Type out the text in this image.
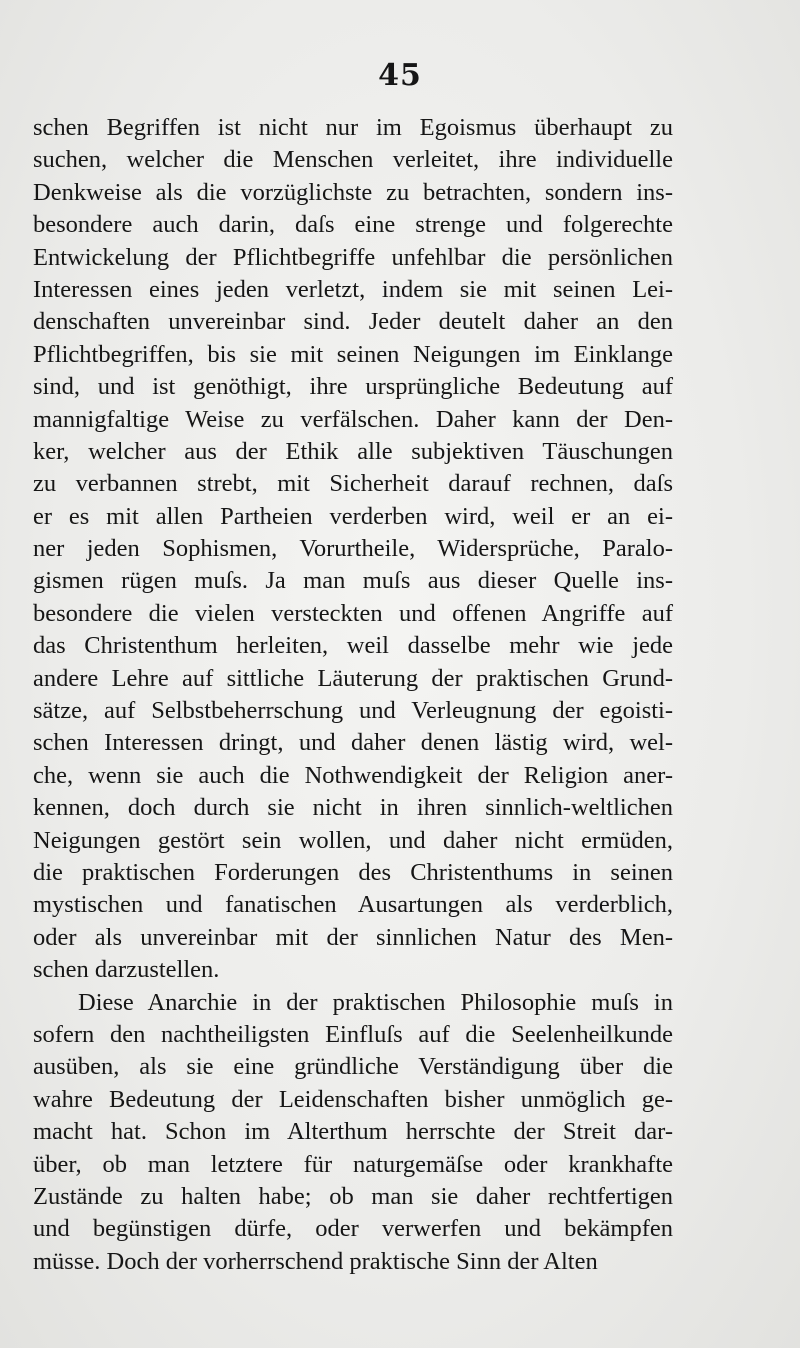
45
schen Begriffen ist nicht nur im Egoismus überhaupt zu
suchen, welcher die Menschen verleitet, ihre individuelle
Denkweise als die vorzüglichste zu betrachten, sondern ins-
besondere auch darin, daſs eine strenge und folgerechte
Entwickelung der Pflichtbegriffe unfehlbar die persönlichen
Interessen eines jeden verletzt, indem sie mit seinen Lei-
denschaften unvereinbar sind. Jeder deutelt daher an den
Pflichtbegriffen, bis sie mit seinen Neigungen im Einklange
sind, und ist genöthigt, ihre ursprüngliche Bedeutung auf
mannigfaltige Weise zu verfälschen. Daher kann der Den-
ker, welcher aus der Ethik alle subjektiven Täuschungen
zu verbannen strebt, mit Sicherheit darauf rechnen, daſs
er es mit allen Partheien verderben wird, weil er an ei-
ner jeden Sophismen, Vorurtheile, Widersprüche, Paralo-
gismen rügen muſs. Ja man muſs aus dieser Quelle ins-
besondere die vielen versteckten und offenen Angriffe auf
das Christenthum herleiten, weil dasselbe mehr wie jede
andere Lehre auf sittliche Läuterung der praktischen Grund-
sätze, auf Selbstbeherrschung und Verleugnung der egoisti-
schen Interessen dringt, und daher denen lästig wird, wel-
che, wenn sie auch die Nothwendigkeit der Religion aner-
kennen, doch durch sie nicht in ihren sinnlich-weltlichen
Neigungen gestört sein wollen, und daher nicht ermüden,
die praktischen Forderungen des Christenthums in seinen
mystischen und fanatischen Ausartungen als verderblich,
oder als unvereinbar mit der sinnlichen Natur des Men-
schen darzustellen.
Diese Anarchie in der praktischen Philosophie muſs in
sofern den nachtheiligsten Einfluſs auf die Seelenheilkunde
ausüben, als sie eine gründliche Verständigung über die
wahre Bedeutung der Leidenschaften bisher unmöglich ge-
macht hat. Schon im Alterthum herrschte der Streit dar-
über, ob man letztere für naturgemäſse oder krankhafte
Zustände zu halten habe; ob man sie daher rechtfertigen
und begünstigen dürfe, oder verwerfen und bekämpfen
müsse. Doch der vorherrschend praktische Sinn der Alten
